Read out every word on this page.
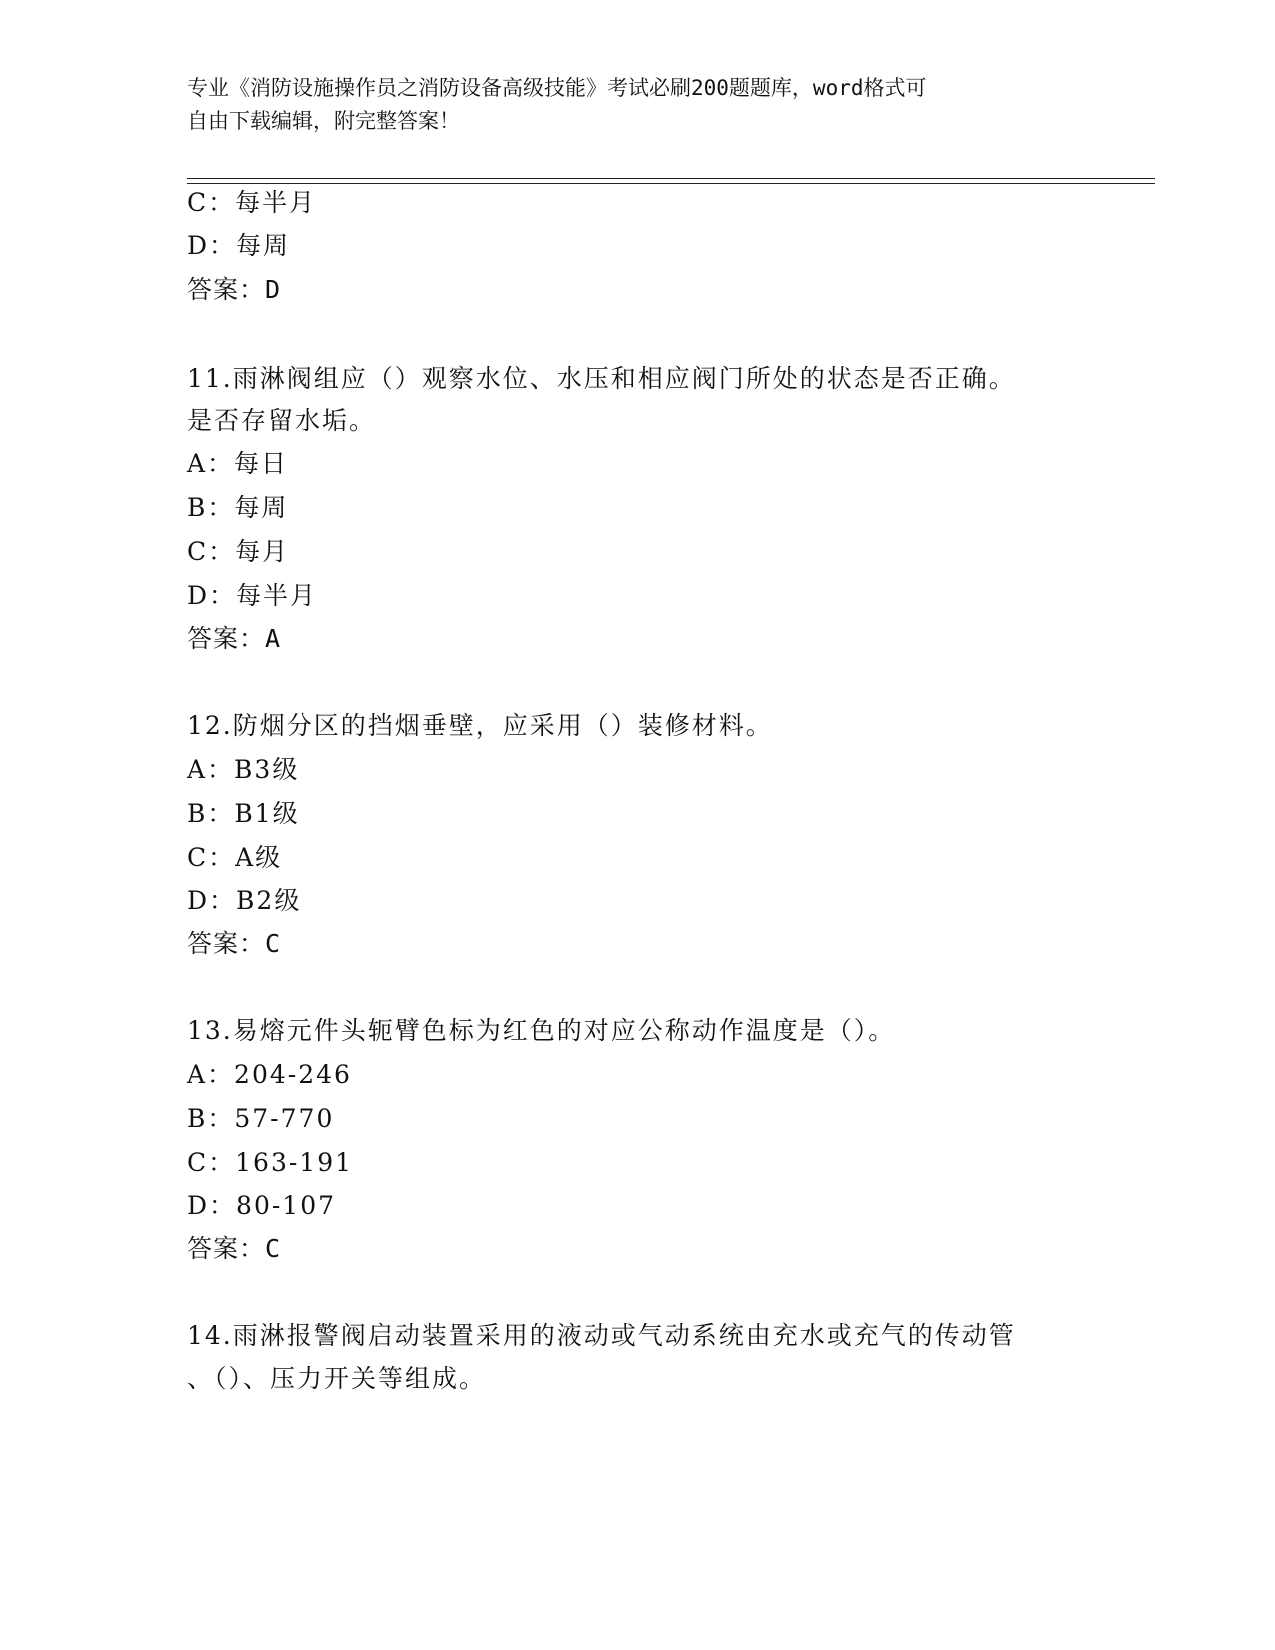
专业《消防设施操作员之消防设备高级技能》考试必刷200题题库，word格式可
自由下载编辑，附完整答案！
C：每半月
D：每周
答案：D
11.雨淋阀组应（）观察水位、水压和相应阀门所处的状态是否正确。
是否存留水垢。
A：每日
B：每周
C：每月
D：每半月
答案：A
12.防烟分区的挡烟垂壁，应采用（）装修材料。
A：B3级
B：B1级
C：A级
D：B2级
答案：C
13.易熔元件头轭臂色标为红色的对应公称动作温度是（）。
A：204-246
B：57-770
C：163-191
D：80-107
答案：C
14.雨淋报警阀启动装置采用的液动或气动系统由充水或充气的传动管
、（）、压力开关等组成。
